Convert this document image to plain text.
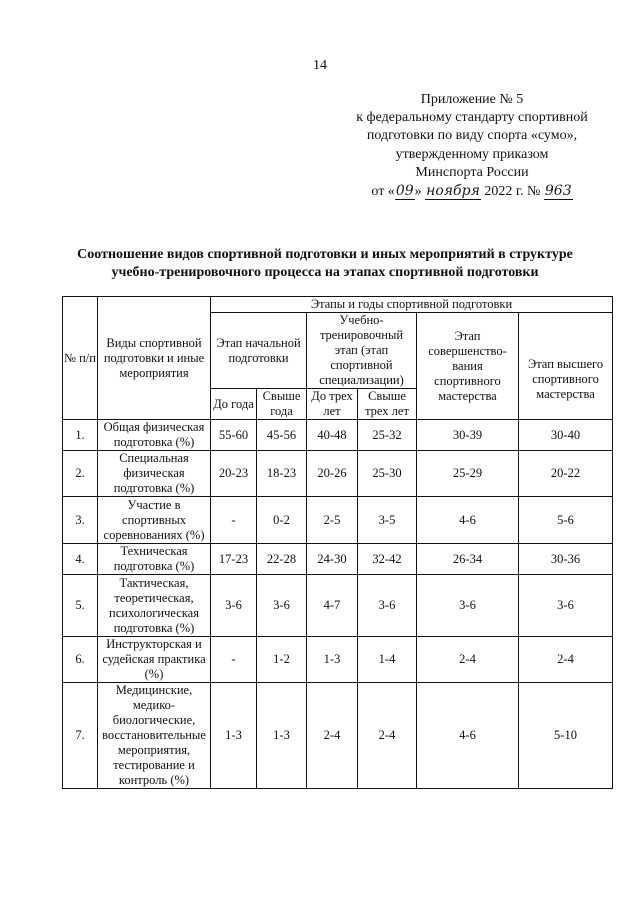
14
Приложение № 5
к федеральному стандарту спортивной
подготовки по виду спорта «сумо»,
утвержденному приказом
Минспорта России
от «09» ноября 2022 г. № 963
Соотношение видов спортивной подготовки и иных мероприятий в структуре
учебно-тренировочного процесса на этапах спортивной подготовки
№ п/п	Виды спортивной подготовки и иные мероприятия	Этапы и годы спортивной подготовки					
		Этап начальной подготовки		Учебно-тренировочный этап (этап спортивной специализации)		Этап совершенство-вания спортивного мастерства	Этап высшего спортивного мастерства
		До года	Свыше года	До трех лет	Свыше трех лет		
1.	Общая физическая подготовка (%)	55-60	45-56	40-48	25-32	30-39	30-40
2.	Специальная физическая подготовка (%)	20-23	18-23	20-26	25-30	25-29	20-22
3.	Участие в спортивных соревнованиях (%)	-	0-2	2-5	3-5	4-6	5-6
4.	Техническая подготовка (%)	17-23	22-28	24-30	32-42	26-34	30-36
5.	Тактическая, теоретическая, психологическая подготовка (%)	3-6	3-6	4-7	3-6	3-6	3-6
6.	Инструкторская и судейская практика (%)	-	1-2	1-3	1-4	2-4	2-4
7.	Медицинские, медико-биологические, восстановительные мероприятия, тестирование и контроль (%)	1-3	1-3	2-4	2-4	4-6	5-10
